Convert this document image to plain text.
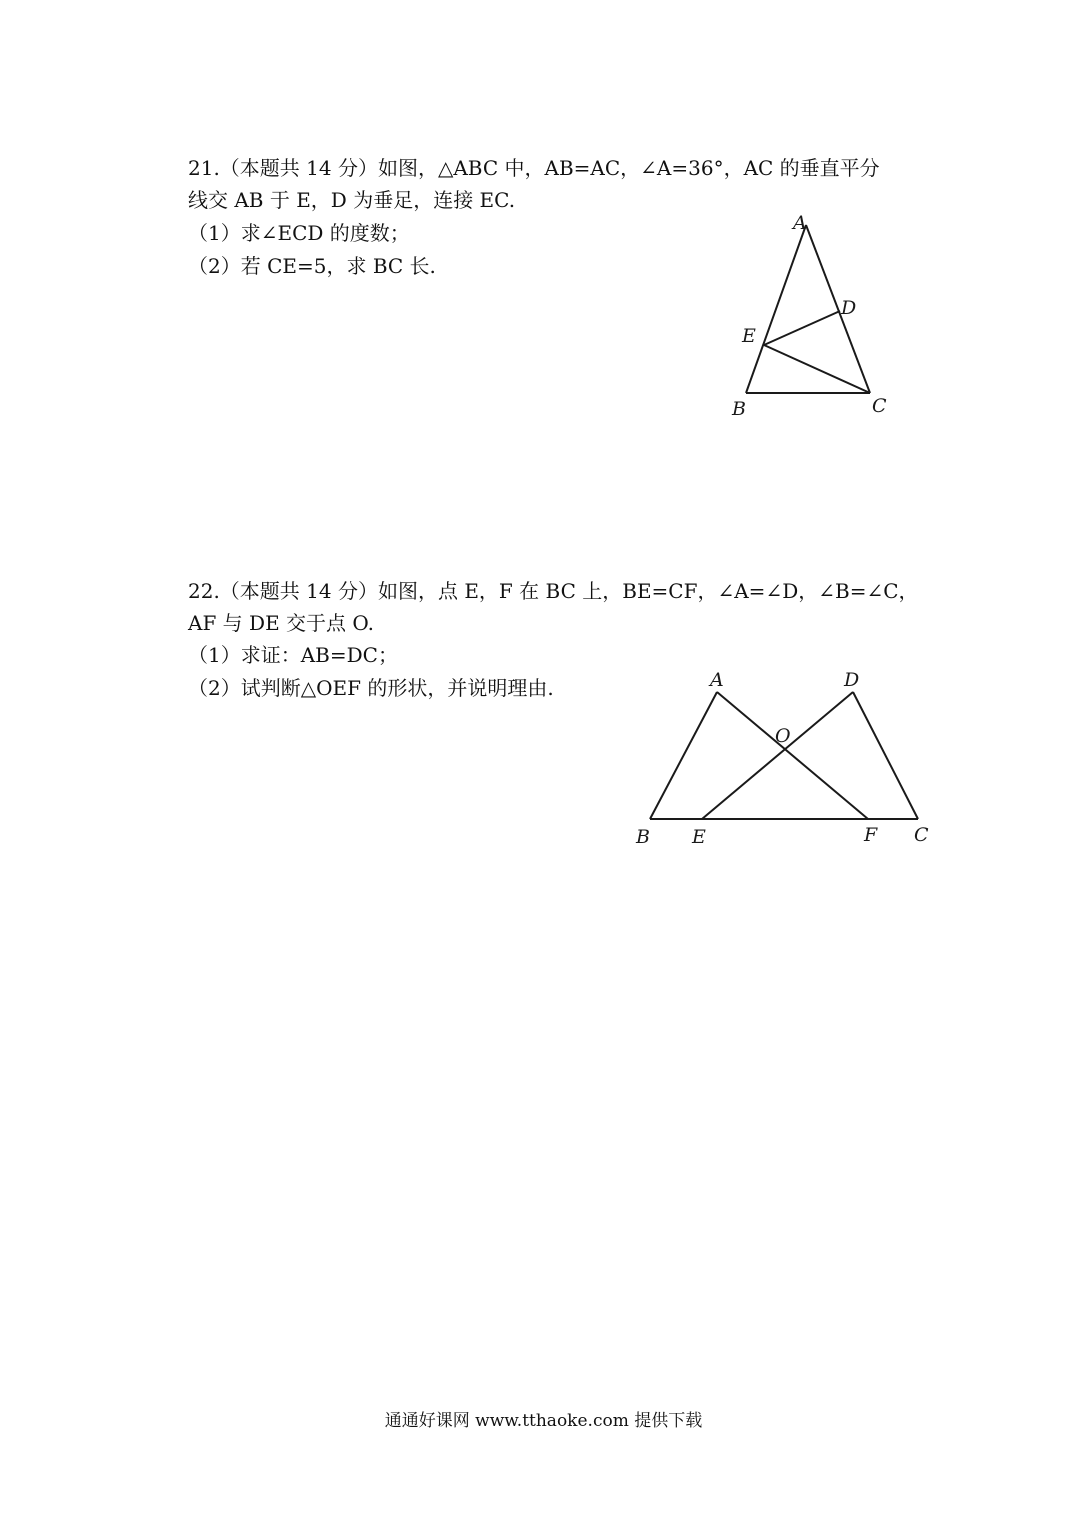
21.（本题共 14 分）如图，△ABC 中，AB=AC，∠A=36°，AC 的垂直平分
线交 AB 于 E，D 为垂足，连接 EC.
（1）求∠ECD 的度数；
（2）若 CE=5，求 BC 长.
A
B	C
D
E
22.（本题共 14 分）如图，点 E，F 在 BC 上，BE=CF，∠A=∠D，∠B=∠C，
AF 与 DE 交于点 O.
（1）求证：AB=DC；
（2）试判断△OEF 的形状，并说明理由.	A
B	C
D
E	F
O
通通好课网 www.tthaoke.com 提供下载
